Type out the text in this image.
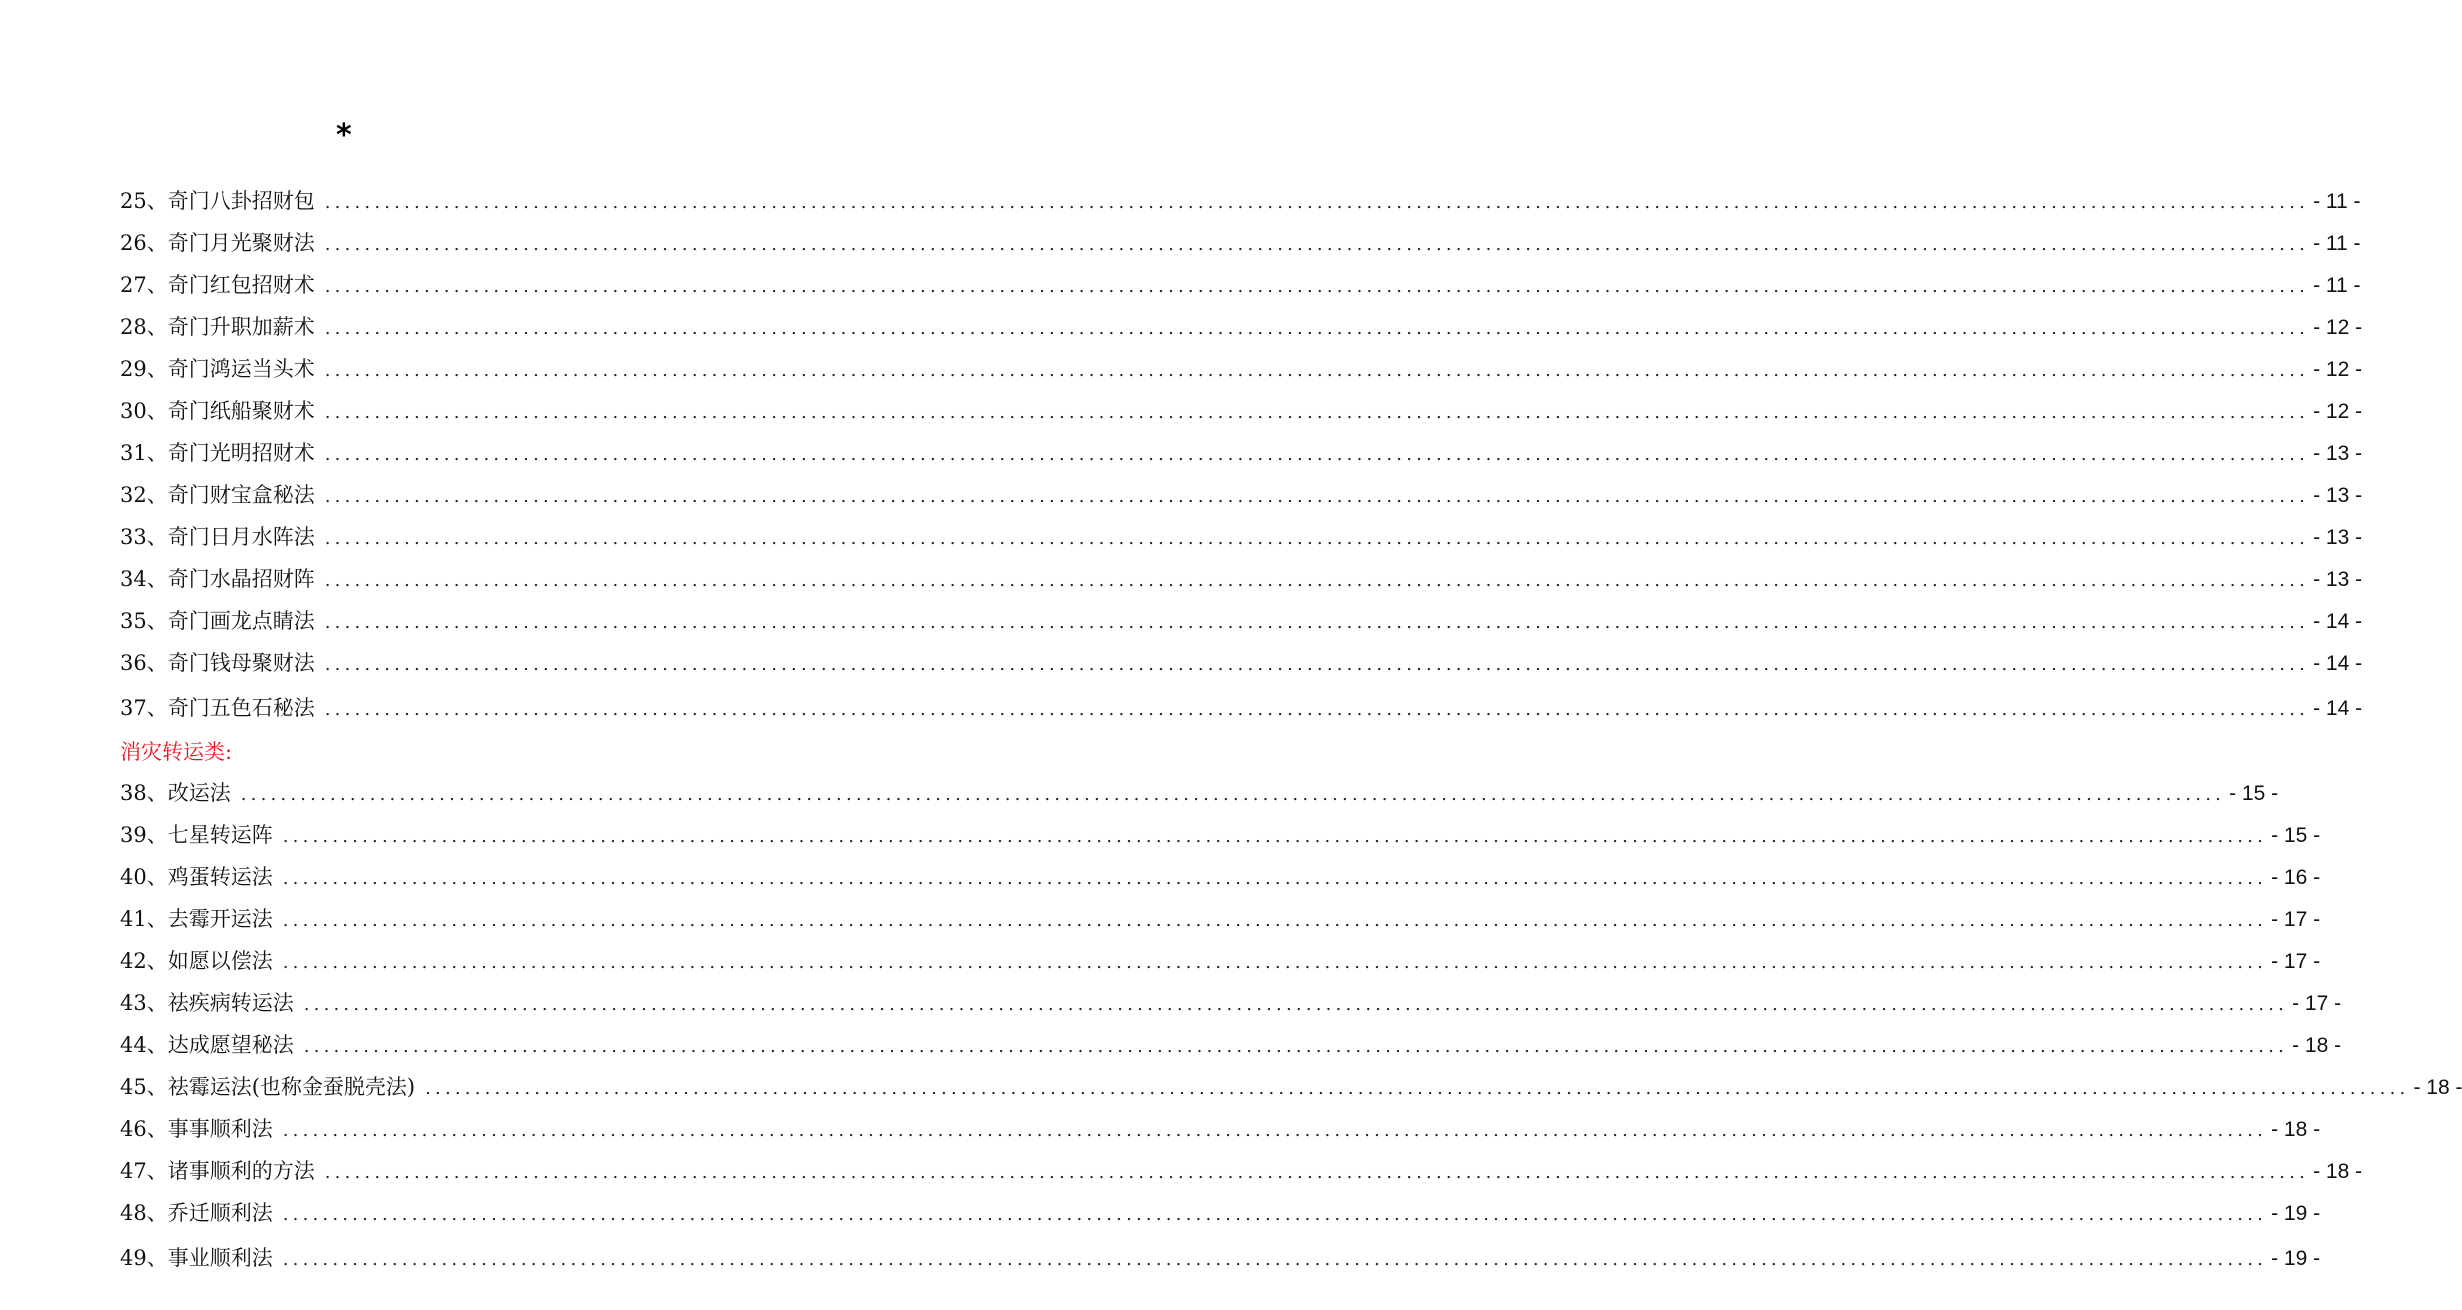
*
25、奇门八卦招财包 ........................................................................................................................................................................................................ - 11 -
26、奇门月光聚财法 ........................................................................................................................................................................................................ - 11 -
27、奇门红包招财术 ........................................................................................................................................................................................................ - 11 -
28、奇门升职加薪术 ........................................................................................................................................................................................................ - 12 -
29、奇门鸿运当头术 ........................................................................................................................................................................................................ - 12 -
30、奇门纸船聚财术 ........................................................................................................................................................................................................ - 12 -
31、奇门光明招财术 ........................................................................................................................................................................................................ - 13 -
32、奇门财宝盒秘法 ........................................................................................................................................................................................................ - 13 -
33、奇门日月水阵法 ........................................................................................................................................................................................................ - 13 -
34、奇门水晶招财阵 ........................................................................................................................................................................................................ - 13 -
35、奇门画龙点睛法 ........................................................................................................................................................................................................ - 14 -
36、奇门钱母聚财法 ........................................................................................................................................................................................................ - 14 -
37、奇门五色石秘法 ........................................................................................................................................................................................................ - 14 -
消灾转运类:
38、改运法 ........................................................................................................................................................................................................ - 15 -
39、七星转运阵 ........................................................................................................................................................................................................ - 15 -
40、鸡蛋转运法 ........................................................................................................................................................................................................ - 16 -
41、去霉开运法 ........................................................................................................................................................................................................ - 17 -
42、如愿以偿法 ........................................................................................................................................................................................................ - 17 -
43、祛疾病转运法 ........................................................................................................................................................................................................ - 17 -
44、达成愿望秘法 ........................................................................................................................................................................................................ - 18 -
45、祛霉运法(也称金蚕脱壳法) ........................................................................................................................................................................................................ - 18 -
46、事事顺利法 ........................................................................................................................................................................................................ - 18 -
47、诸事顺利的方法 ........................................................................................................................................................................................................ - 18 -
48、乔迁顺利法 ........................................................................................................................................................................................................ - 19 -
49、事业顺利法 ........................................................................................................................................................................................................ - 19 -
